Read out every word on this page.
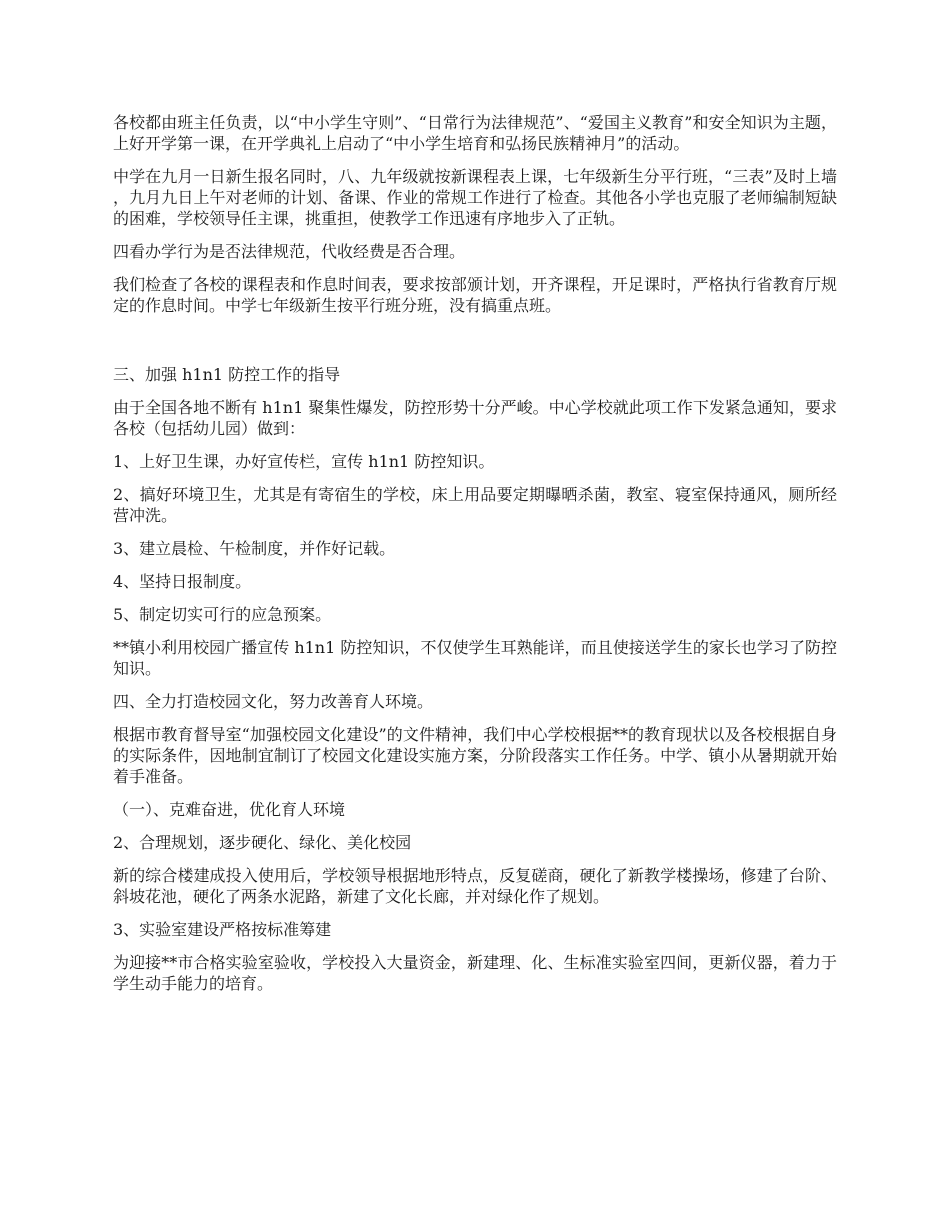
各校都由班主任负责，以“中小学生守则”、“日常行为法律规范”、“爱国主义教育”和安全知识为主题，上好开学第一课，在开学典礼上启动了“中小学生培育和弘扬民族精神月”的活动。

中学在九月一日新生报名同时，八、九年级就按新课程表上课，七年级新生分平行班，“三表”及时上墙，九月九日上午对老师的计划、备课、作业的常规工作进行了检查。其他各小学也克服了老师编制短缺的困难，学校领导任主课，挑重担，使教学工作迅速有序地步入了正轨。

四看办学行为是否法律规范，代收经费是否合理。

我们检查了各校的课程表和作息时间表，要求按部颁计划，开齐课程，开足课时，严格执行省教育厅规定的作息时间。中学七年级新生按平行班分班，没有搞重点班。

三、加强 h1n1 防控工作的指导

由于全国各地不断有 h1n1 聚集性爆发，防控形势十分严峻。中心学校就此项工作下发紧急通知，要求各校（包括幼儿园）做到：

1、上好卫生课，办好宣传栏，宣传 h1n1 防控知识。

2、搞好环境卫生，尤其是有寄宿生的学校，床上用品要定期曝晒杀菌，教室、寝室保持通风，厕所经营冲洗。

3、建立晨检、午检制度，并作好记载。

4、坚持日报制度。

5、制定切实可行的应急预案。

**镇小利用校园广播宣传 h1n1 防控知识，不仅使学生耳熟能详，而且使接送学生的家长也学习了防控知识。

四、全力打造校园文化，努力改善育人环境。

根据市教育督导室“加强校园文化建设”的文件精神，我们中心学校根据**的教育现状以及各校根据自身的实际条件，因地制宜制订了校园文化建设实施方案，分阶段落实工作任务。中学、镇小从暑期就开始着手准备。

（一）、克难奋进，优化育人环境

2、合理规划，逐步硬化、绿化、美化校园

新的综合楼建成投入使用后，学校领导根据地形特点，反复磋商，硬化了新教学楼操场，修建了台阶、斜坡花池，硬化了两条水泥路，新建了文化长廊，并对绿化作了规划。

3、实验室建设严格按标准筹建

为迎接**市合格实验室验收，学校投入大量资金，新建理、化、生标准实验室四间，更新仪器，着力于学生动手能力的培育。
